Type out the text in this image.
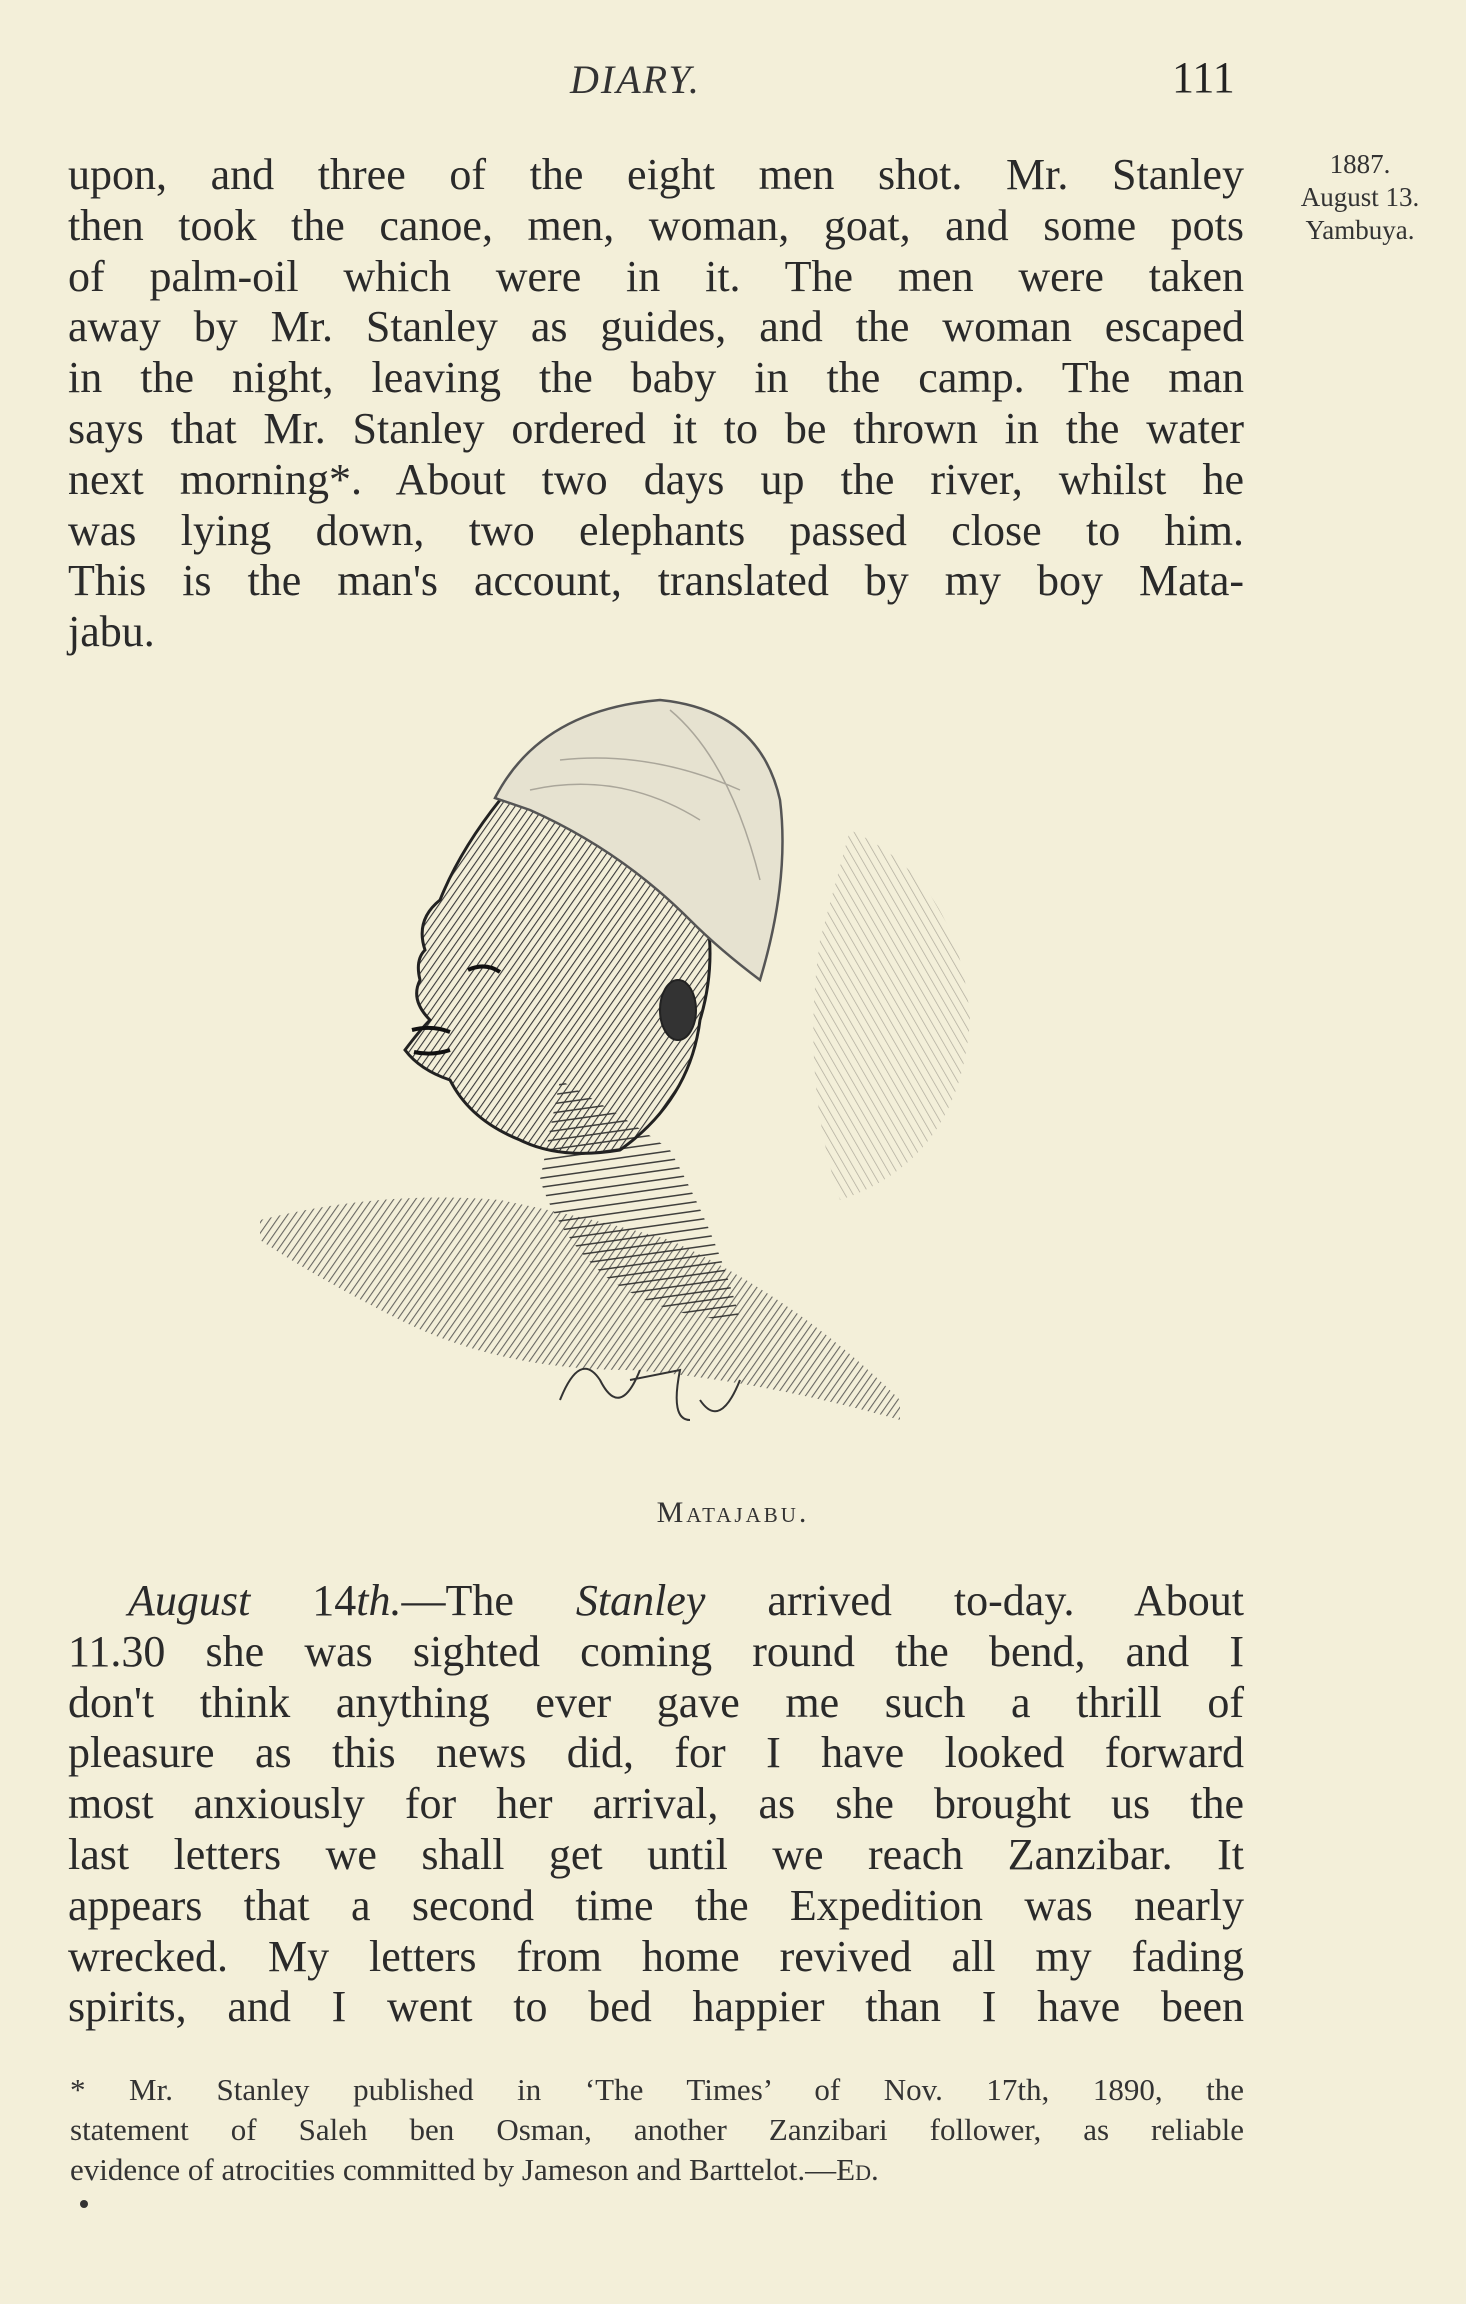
DIARY.	111
1887.
August 13.
Yambuya.
upon, and three of the eight men shot. Mr. Stanley
then took the canoe, men, woman, goat, and some pots
of palm-oil which were in it. The men were taken
away by Mr. Stanley as guides, and the woman escaped
in the night, leaving the baby in the camp. The man
says that Mr. Stanley ordered it to be thrown in the water
next morning*. About two days up the river, whilst he
was lying down, two elephants passed close to him.
This is the man's account, translated by my boy Mata-
jabu.
Matajabu.
August 14th.—The Stanley arrived to-day. About
11.30 she was sighted coming round the bend, and I
don't think anything ever gave me such a thrill of
pleasure as this news did, for I have looked forward
most anxiously for her arrival, as she brought us the
last letters we shall get until we reach Zanzibar. It
appears that a second time the Expedition was nearly
wrecked. My letters from home revived all my fading
spirits, and I went to bed happier than I have been
* Mr. Stanley published in ‘The Times’ of Nov. 17th, 1890, the
statement of Saleh ben Osman, another Zanzibari follower, as reliable
evidence of atrocities committed by Jameson and Barttelot.—Ed.
